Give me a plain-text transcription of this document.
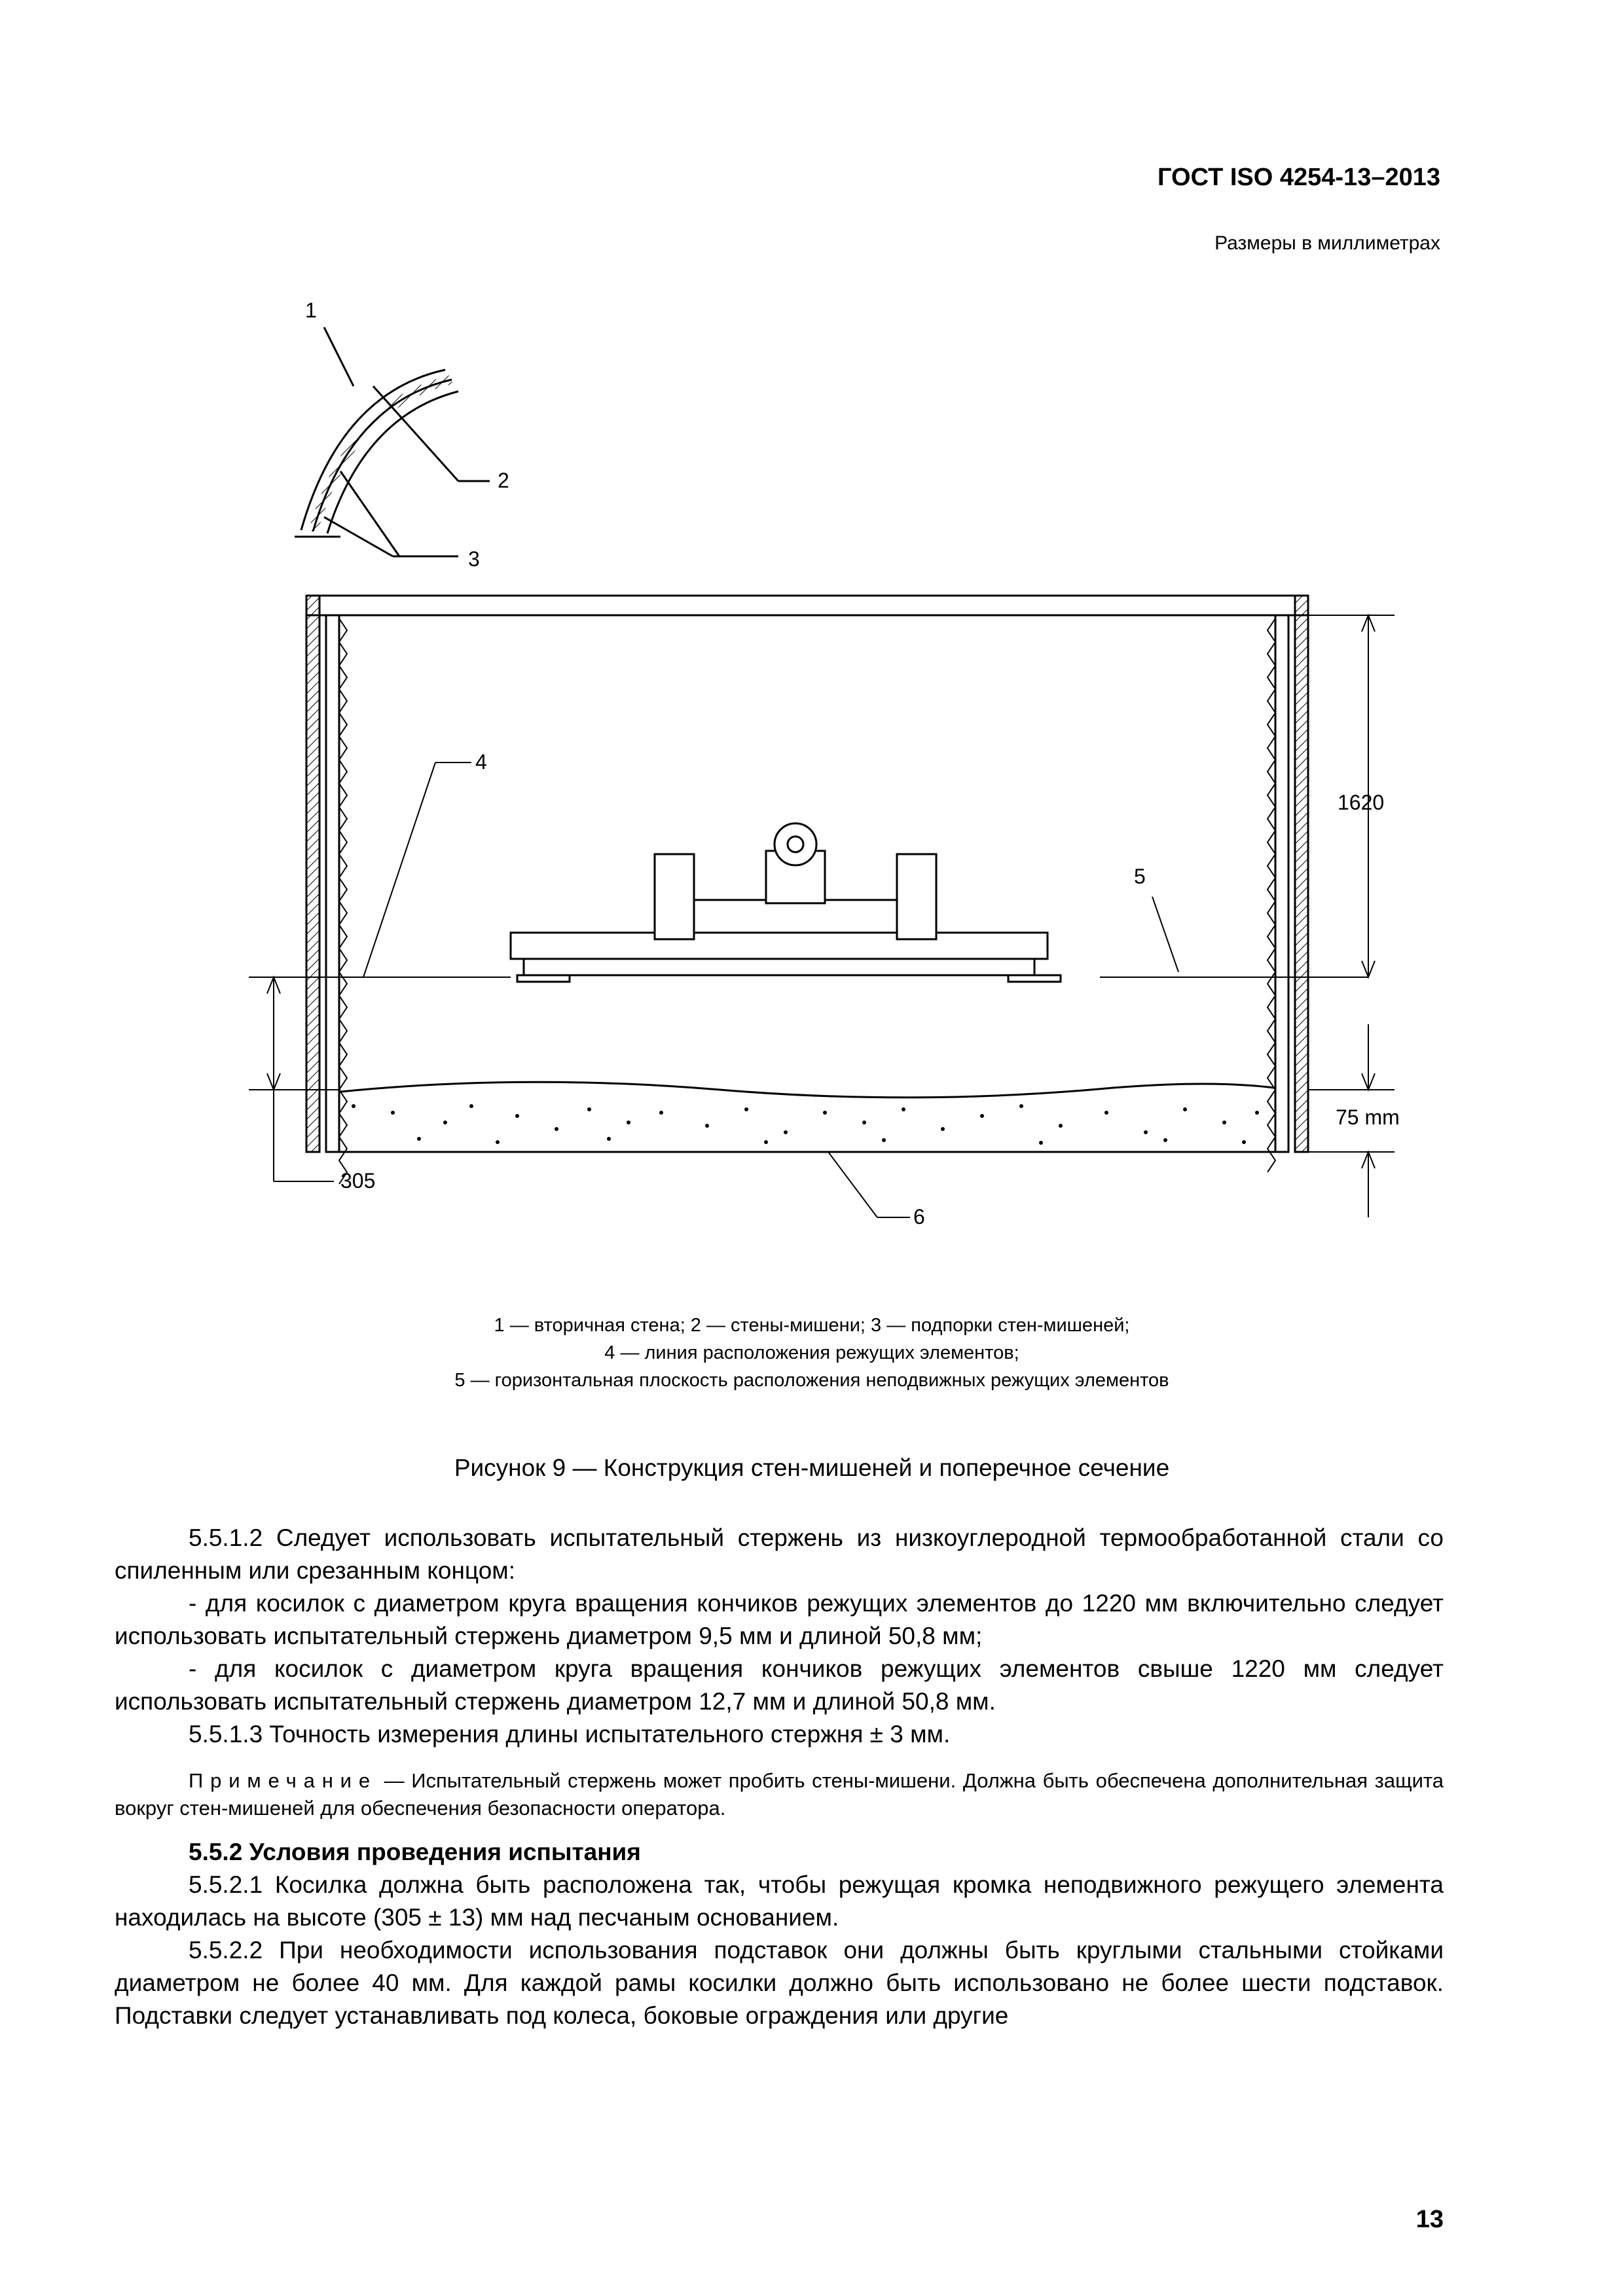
ГОСТ ISO 4254-13–2013
Размеры в миллиметрах
1
2
3
4
5
6
1620
75 mm
305
1 — вторичная стена; 2 — стены-мишени; 3 — подпорки стен-мишеней;
4 — линия расположения режущих элементов;
5 — горизонтальная плоскость расположения неподвижных режущих элементов
Рисунок 9 — Конструкция стен-мишеней и поперечное сечение
5.5.1.2 Следует использовать испытательный стержень из низкоуглеродной термообработанной стали со спиленным или срезанным концом:
- для косилок с диаметром круга вращения кончиков режущих элементов до 1220 мм включительно следует использовать испытательный стержень диаметром 9,5 мм и длиной 50,8 мм;
- для косилок с диаметром круга вращения кончиков режущих элементов свыше 1220 мм следует использовать испытательный стержень диаметром 12,7 мм и длиной 50,8 мм.
5.5.1.3 Точность измерения длины испытательного стержня ± 3 мм.
Примечание — Испытательный стержень может пробить стены-мишени. Должна быть обеспечена дополнительная защита вокруг стен-мишеней для обеспечения безопасности оператора.
5.5.2 Условия проведения испытания
5.5.2.1 Косилка должна быть расположена так, чтобы режущая кромка неподвижного режущего элемента находилась на высоте (305 ± 13) мм над песчаным основанием.
5.5.2.2 При необходимости использования подставок они должны быть круглыми стальными стойками диаметром не более 40 мм. Для каждой рамы косилки должно быть использовано не более шести подставок. Подставки следует устанавливать под колеса, боковые ограждения или другие
13
